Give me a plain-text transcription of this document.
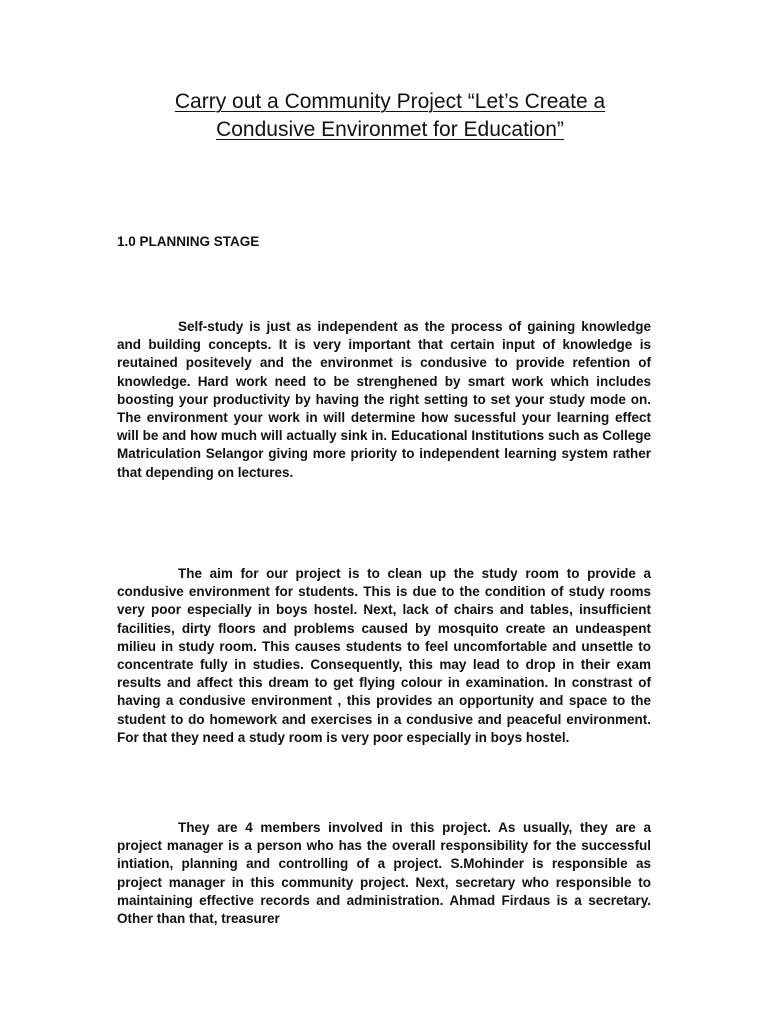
Carry out a Community Project “Let’s Create a
Condusive Environmet for Education”
1.0 PLANNING STAGE

Self-study is just as independent as the process of gaining knowledge and building concepts. It is very important that certain input of knowledge is reutained positevely and the environmet is condusive to provide refention of knowledge. Hard work need to be strenghened by smart work which includes boosting your productivity by having the right setting to set your study mode on. The environment your work in will determine how sucessful your learning effect will be and how much will actually sink in. Educational Institutions such as College Matriculation Selangor giving more priority to independent learning system rather that depending on lectures.

The aim for our project is to clean up the study room to provide a condusive environment for students. This is due to the condition of study rooms very poor especially in boys hostel. Next, lack of chairs and tables, insufficient facilities, dirty floors and problems caused by mosquito create an undeaspent milieu in study room. This causes students to feel uncomfortable and unsettle to concentrate fully in studies. Consequently, this may lead to drop in their exam results and affect this dream to get flying colour in examination. In constrast of having a condusive environment , this provides an opportunity and space to the student to do homework and exercises in a condusive and peaceful environment. For that they need a study room is very poor especially in boys hostel.

They are 4 members involved in this project. As usually, they are a project manager is a person who has the overall responsibility for the successful intiation, planning and controlling of a project. S.Mohinder is responsible as project manager in this community project. Next, secretary who responsible to maintaining effective records and administration. Ahmad Firdaus is a secretary. Other than that, treasurer
